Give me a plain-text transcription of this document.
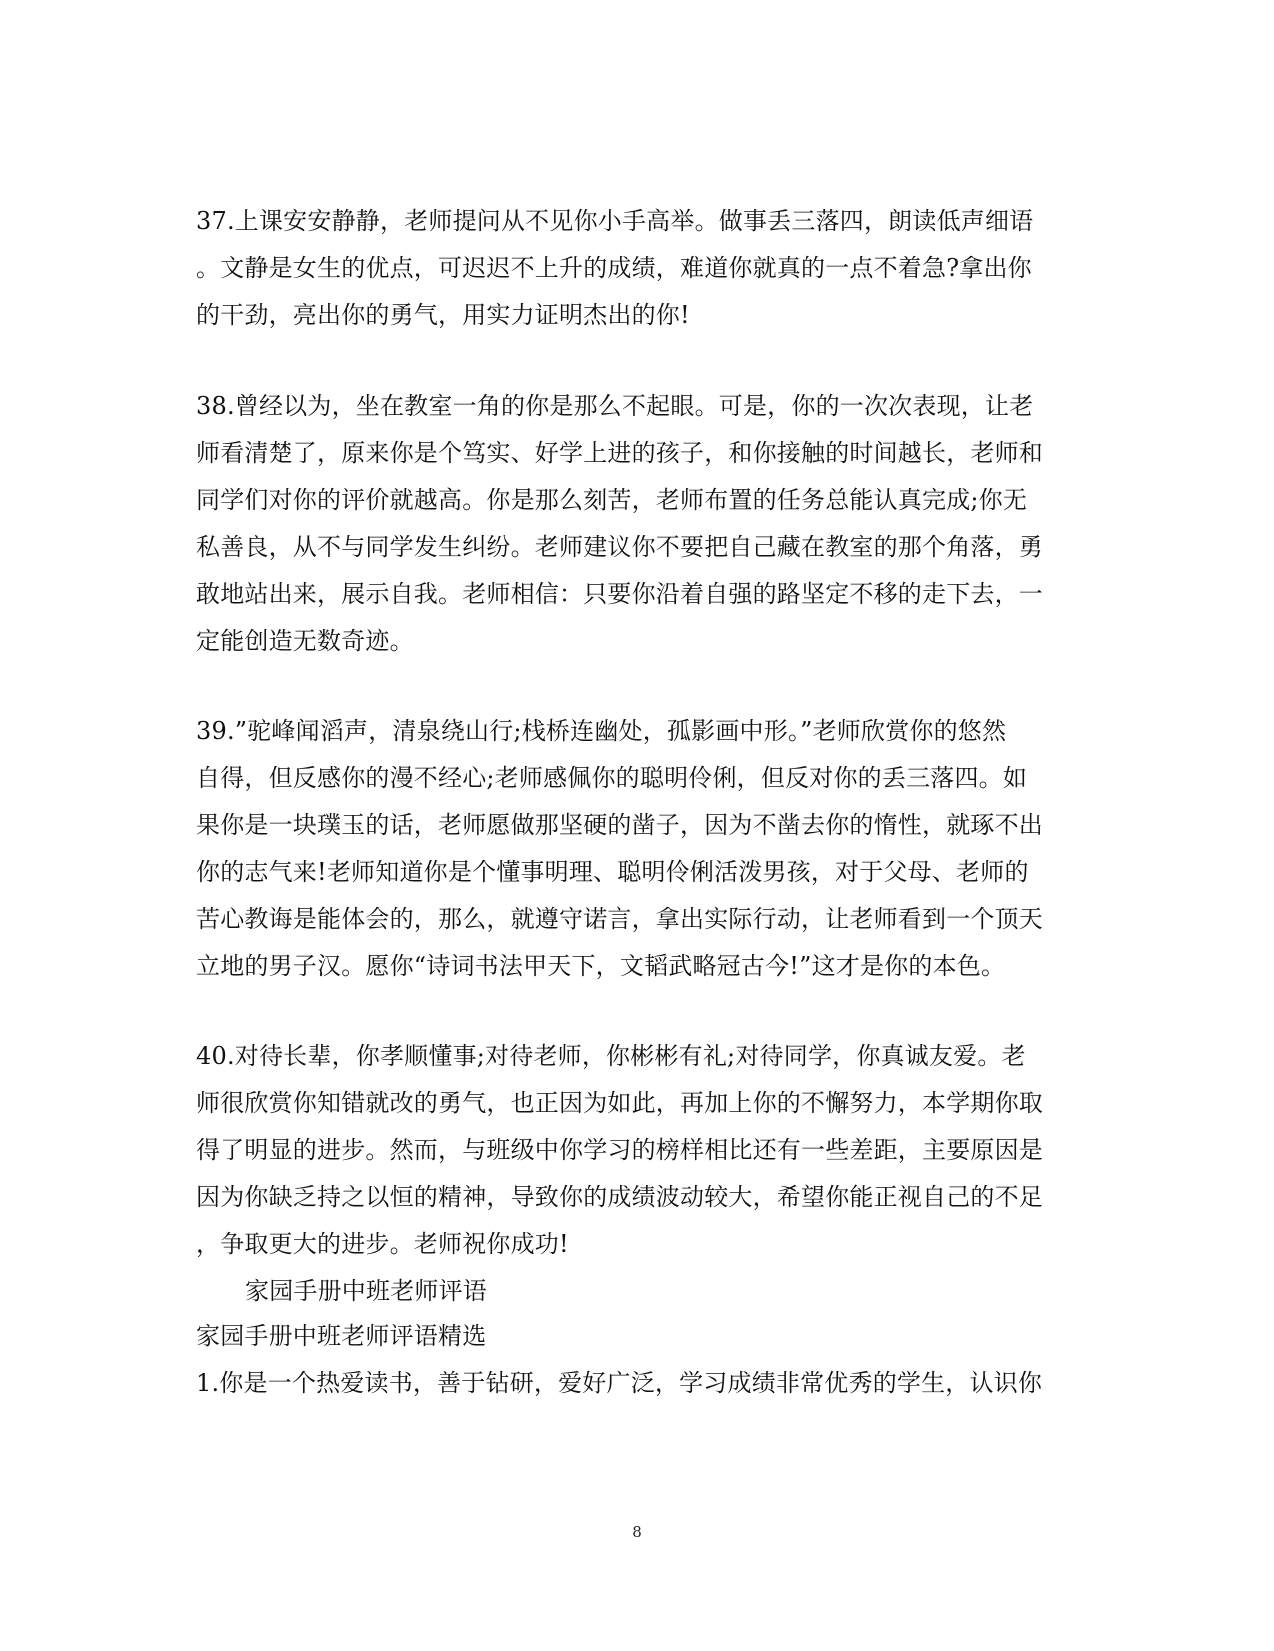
37.上课安安静静，老师提问从不见你小手高举。做事丢三落四，朗读低声细语
。文静是女生的优点，可迟迟不上升的成绩，难道你就真的一点不着急?拿出你
的干劲，亮出你的勇气，用实力证明杰出的你!
38.曾经以为，坐在教室一角的你是那么不起眼。可是，你的一次次表现，让老
师看清楚了，原来你是个笃实、好学上进的孩子，和你接触的时间越长，老师和
同学们对你的评价就越高。你是那么刻苦，老师布置的任务总能认真完成;你无
私善良，从不与同学发生纠纷。老师建议你不要把自己藏在教室的那个角落，勇
敢地站出来，展示自我。老师相信：只要你沿着自强的路坚定不移的走下去，一
定能创造无数奇迹。
39.”驼峰闻滔声，清泉绕山行;栈桥连幽处，孤影画中形。”老师欣赏你的悠然
自得，但反感你的漫不经心;老师感佩你的聪明伶俐，但反对你的丢三落四。如
果你是一块璞玉的话，老师愿做那坚硬的凿子，因为不凿去你的惰性，就琢不出
你的志气来!老师知道你是个懂事明理、聪明伶俐活泼男孩，对于父母、老师的
苦心教诲是能体会的，那么，就遵守诺言，拿出实际行动，让老师看到一个顶天
立地的男子汉。愿你“诗词书法甲天下，文韬武略冠古今!”这才是你的本色。
40.对待长辈，你孝顺懂事;对待老师，你彬彬有礼;对待同学，你真诚友爱。老
师很欣赏你知错就改的勇气，也正因为如此，再加上你的不懈努力，本学期你取
得了明显的进步。然而，与班级中你学习的榜样相比还有一些差距，主要原因是
因为你缺乏持之以恒的精神，导致你的成绩波动较大，希望你能正视自己的不足
，争取更大的进步。老师祝你成功!
家园手册中班老师评语
家园手册中班老师评语精选
1.你是一个热爱读书，善于钻研，爱好广泛，学习成绩非常优秀的学生，认识你
8
